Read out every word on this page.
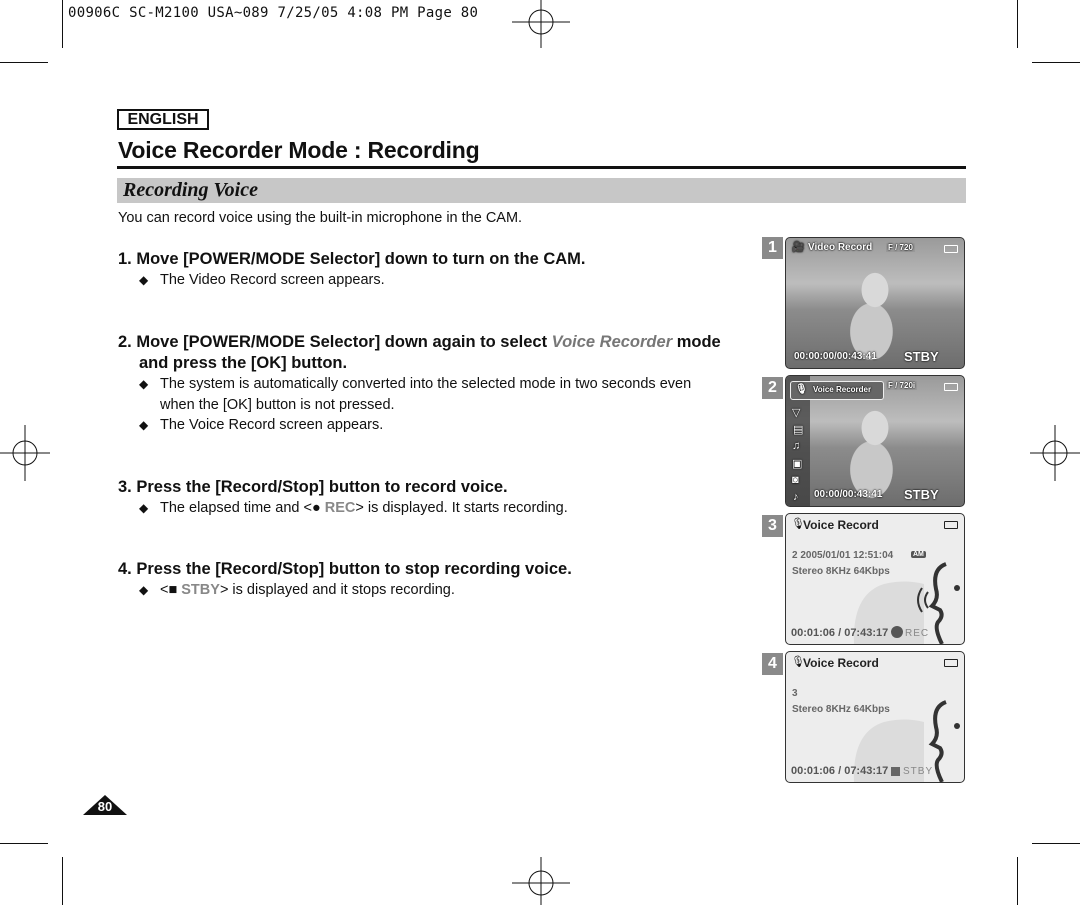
00906C SC-M2100 USA~089 7/25/05 4:08 PM Page 80
ENGLISH
Voice Recorder Mode : Recording
Recording Voice
You can record voice using the built-in microphone in the CAM.
1. Move [POWER/MODE Selector] down to turn on the CAM.
◆ The Video Record screen appears.
2. Move [POWER/MODE Selector] down again to select Voice Recorder mode
and press the [OK] button.
◆ The system is automatically converted into the selected mode in two seconds even
when the [OK] button is not pressed.
◆ The Voice Record screen appears.
3. Press the [Record/Stop] button to record voice.
◆ The elapsed time and <● REC> is displayed. It starts recording.
4. Press the [Record/Stop] button to stop recording voice.
◆ <■ STBY> is displayed and it stops recording.
1	🎥 Video Record F / 720
00:00:00/00:43:41 STBY
2
▽
▤
♫
▣
◙
♪
🎙 Voice Recorder F / 720i
00:00/00:43:41 STBY
3	🎙
Voice Record
2 2005/01/01 12:51:04	AM
Stereo 8KHz 64Kbps
00:01:06 / 07:43:17 REC
4	🎙
Voice Record
3
Stereo 8KHz 64Kbps
00:01:06 / 07:43:17 STBY
80
